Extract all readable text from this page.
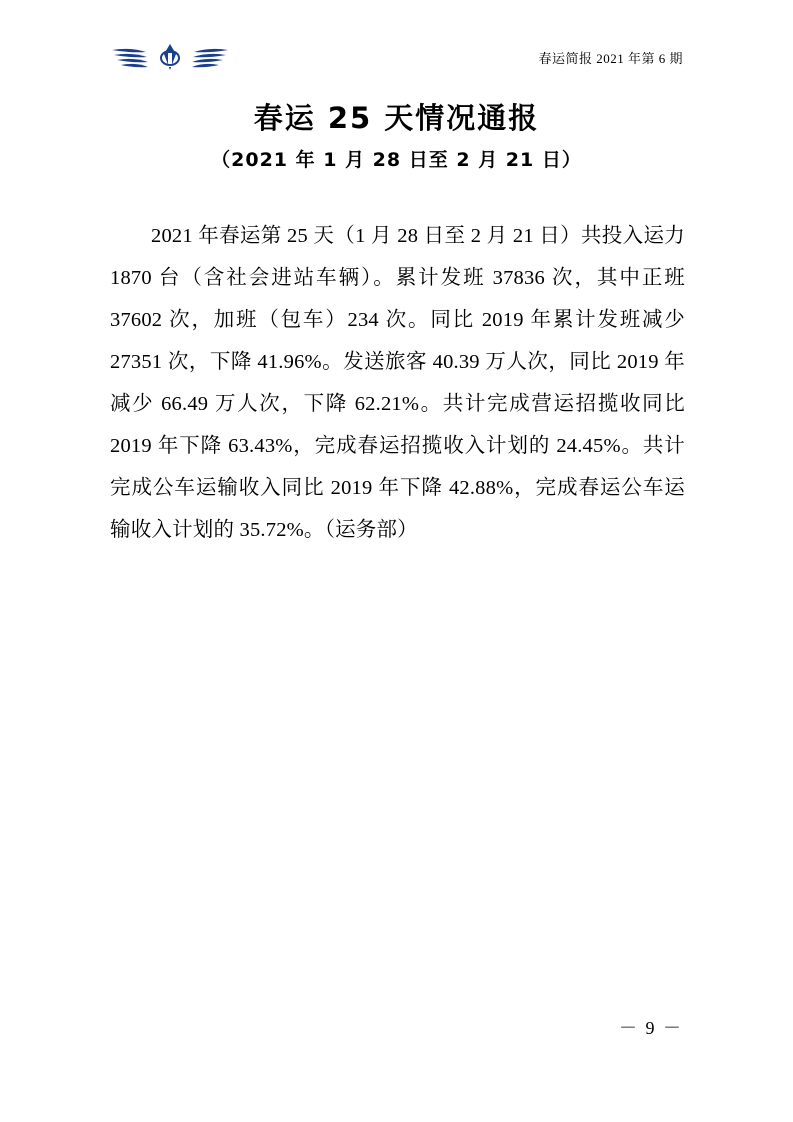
春运简报 2021 年第 6 期
春运 25 天情况通报
（2021 年 1 月 28 日至 2 月 21 日）
2021 年春运第 25 天（1 月 28 日至 2 月 21 日）共投入运力 1870 台（含社会进站车辆）。累计发班 37836 次，其中正班 37602 次，加班（包车）234 次。同比 2019 年累计发班减少 27351 次，下降 41.96%。发送旅客 40.39 万人次，同比 2019 年减少 66.49 万人次，下降 62.21%。共计完成营运招揽收同比 2019 年下降 63.43%，完成春运招揽收入计划的 24.45%。共计完成公车运输收入同比 2019 年下降 42.88%，完成春运公车运输收入计划的 35.72%。（运务部）
－ 9 －
